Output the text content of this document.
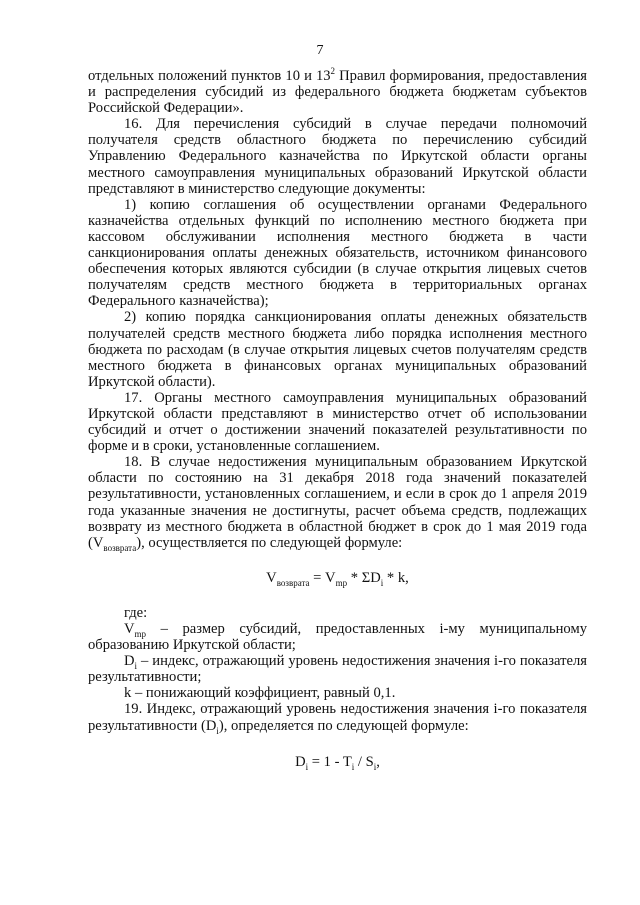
7

отдельных положений пунктов 10 и $13^2$ Правил формирования, предоставления и распределения субсидий из федерального бюджета бюджетам субъектов Российской Федерации».

16. Для перечисления субсидий в случае передачи полномочий получателя средств областного бюджета по перечислению субсидий Управлению Федерального казначейства по Иркутской области органы местного самоуправления муниципальных образований Иркутской области представляют в министерство следующие документы:

1) копию соглашения об осуществлении органами Федерального казначейства отдельных функций по исполнению местного бюджета при кассовом обслуживании исполнения местного бюджета в части санкционирования оплаты денежных обязательств, источником финансового обеспечения которых являются субсидии (в случае открытия лицевых счетов получателям средств местного бюджета в территориальных органах Федерального казначейства);

2) копию порядка санкционирования оплаты денежных обязательств получателей средств местного бюджета либо порядка исполнения местного бюджета по расходам (в случае открытия лицевых счетов получателям средств местного бюджета в финансовых органах муниципальных образований Иркутской области).

17. Органы местного самоуправления муниципальных образований Иркутской области представляют в министерство отчет об использовании субсидий и отчет о достижении значений показателей результативности по форме и в сроки, установленные соглашением.

18. В случае недостижения муниципальным образованием Иркутской области по состоянию на 31 декабря 2018 года значений показателей результативности, установленных соглашением, и если в срок до 1 апреля 2019 года указанные значения не достигнуты, расчет объема средств, подлежащих возврату из местного бюджета в областной бюджет в срок до 1 мая 2019 года $(V_{возврата})$, осуществляется по следующей формуле:

$V_{возврата} = V_{mp} * \Sigma D_i * k$,

где:

$V_{mp}$ – размер субсидий, предоставленных i-му муниципальному образованию Иркутской области;

$D_i$ – индекс, отражающий уровень недостижения значения i-го показателя результативности;

k – понижающий коэффициент, равный 0,1.

19. Индекс, отражающий уровень недостижения значения i-го показателя результативности $(D_i)$, определяется по следующей формуле:

$D_i = 1 - T_i / S_i$,
